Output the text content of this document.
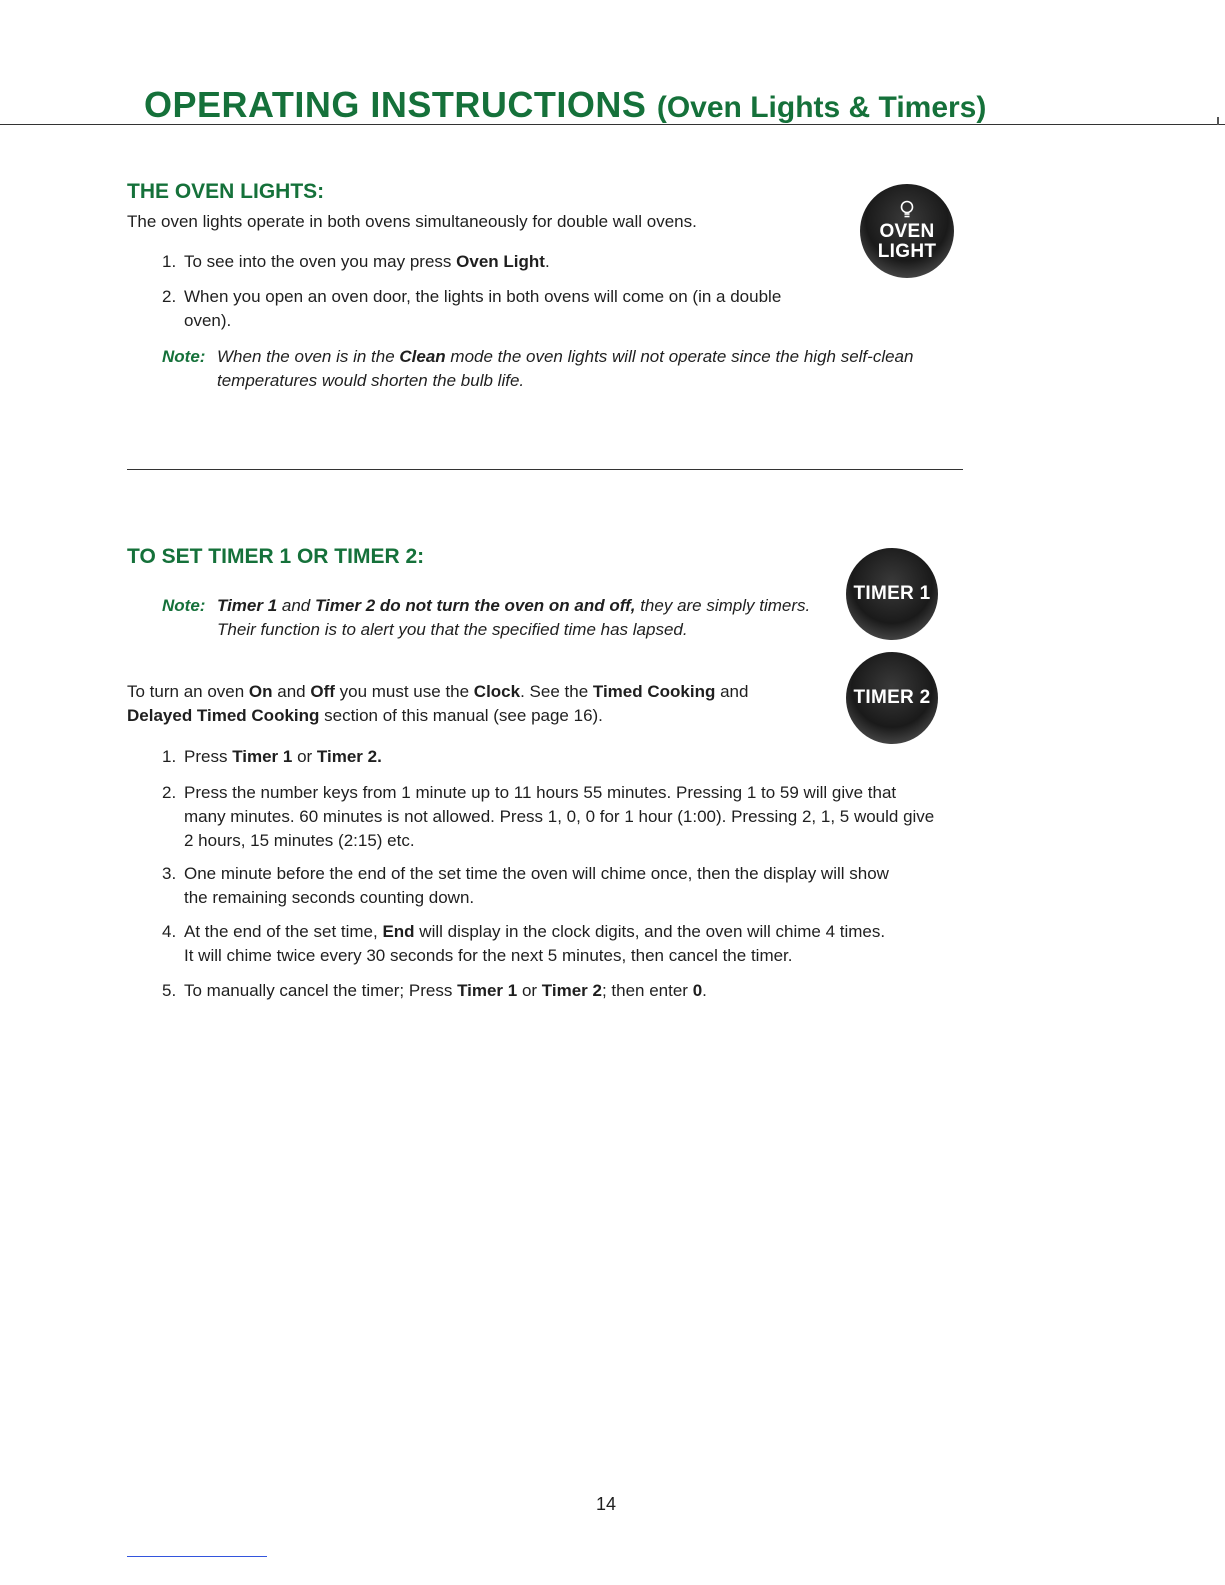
OPERATING INSTRUCTIONS (Oven Lights & Timers)
THE OVEN LIGHTS:

The oven lights operate in both ovens simultaneously for double wall ovens.

1. To see into the oven you may press Oven Light.

2. When you open an oven door, the lights in both ovens will come on (in a double
oven).

Note: When the oven is in the Clean mode the oven lights will not operate since the high self-clean
temperatures would shorten the bulb life.
OVEN
LIGHT
TO SET TIMER 1 OR TIMER 2:
Note: Timer 1 and Timer 2 do not turn the oven on and off, they are simply timers.
Their function is to alert you that the specified time has lapsed.

To turn an oven On and Off you must use the Clock. See the Timed Cooking and
Delayed Timed Cooking section of this manual (see page 16).

1. Press Timer 1 or Timer 2.

2. Press the number keys from 1 minute up to 11 hours 55 minutes. Pressing 1 to 59 will give that
many minutes. 60 minutes is not allowed. Press 1, 0, 0 for 1 hour (1:00). Pressing 2, 1, 5 would give
2 hours, 15 minutes (2:15) etc.

3. One minute before the end of the set time the oven will chime once, then the display will show
the remaining seconds counting down.

4. At the end of the set time, End will display in the clock digits, and the oven will chime 4 times.
It will chime twice every 30 seconds for the next 5 minutes, then cancel the timer.

5. To manually cancel the timer; Press Timer 1 or Timer 2; then enter 0.

TIMER 1
TIMER 2

14
